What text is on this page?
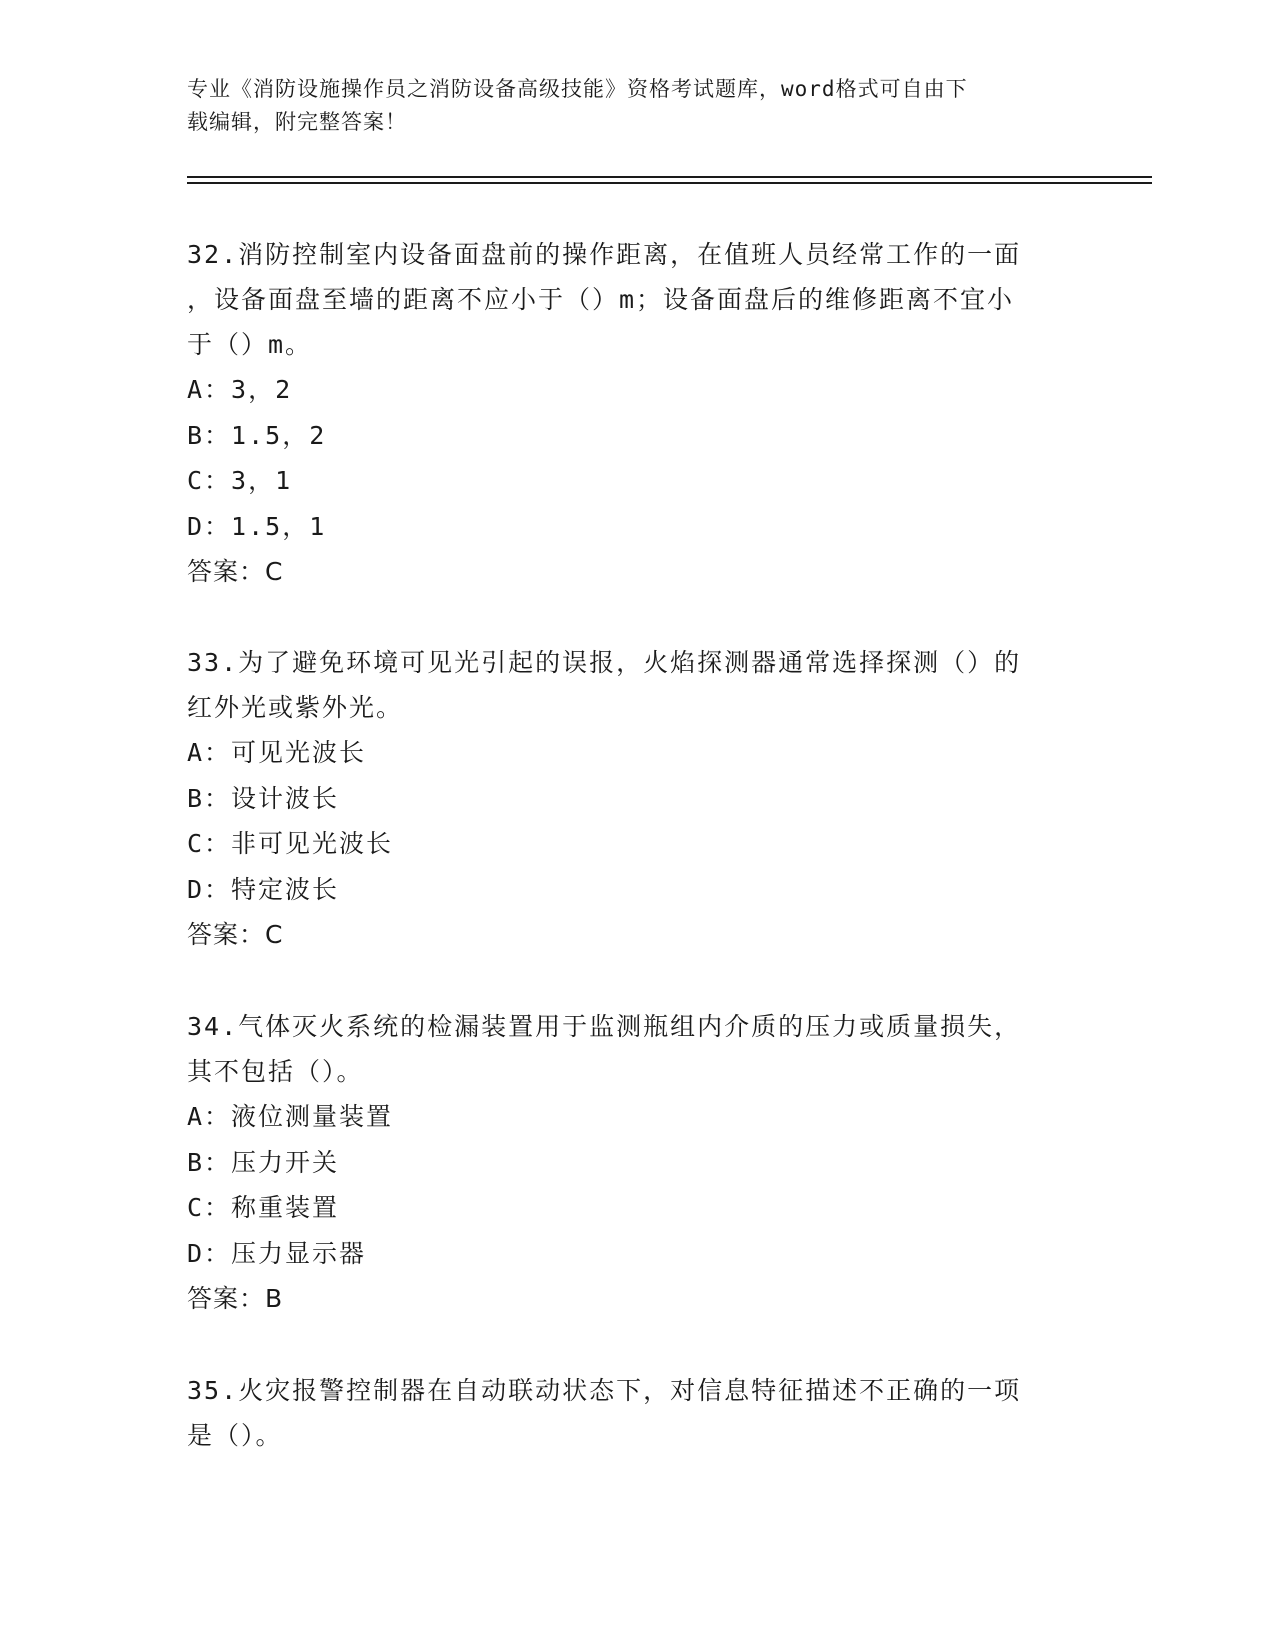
专业《消防设施操作员之消防设备高级技能》资格考试题库，word格式可自由下
载编辑，附完整答案！

32.消防控制室内设备面盘前的操作距离，在值班人员经常工作的一面

，设备面盘至墙的距离不应小于（）m；设备面盘后的维修距离不宜小

于（）m。

A：3，2

B：1.5，2

C：3，1

D：1.5，1

答案：C

33.为了避免环境可见光引起的误报，火焰探测器通常选择探测（）的

红外光或紫外光。

A：可见光波长

B：设计波长

C：非可见光波长

D：特定波长

答案：C

34.气体灭火系统的检漏装置用于监测瓶组内介质的压力或质量损失，

其不包括（）。

A：液位测量装置

B：压力开关

C：称重装置

D：压力显示器

答案：B

35.火灾报警控制器在自动联动状态下，对信息特征描述不正确的一项

是（）。
